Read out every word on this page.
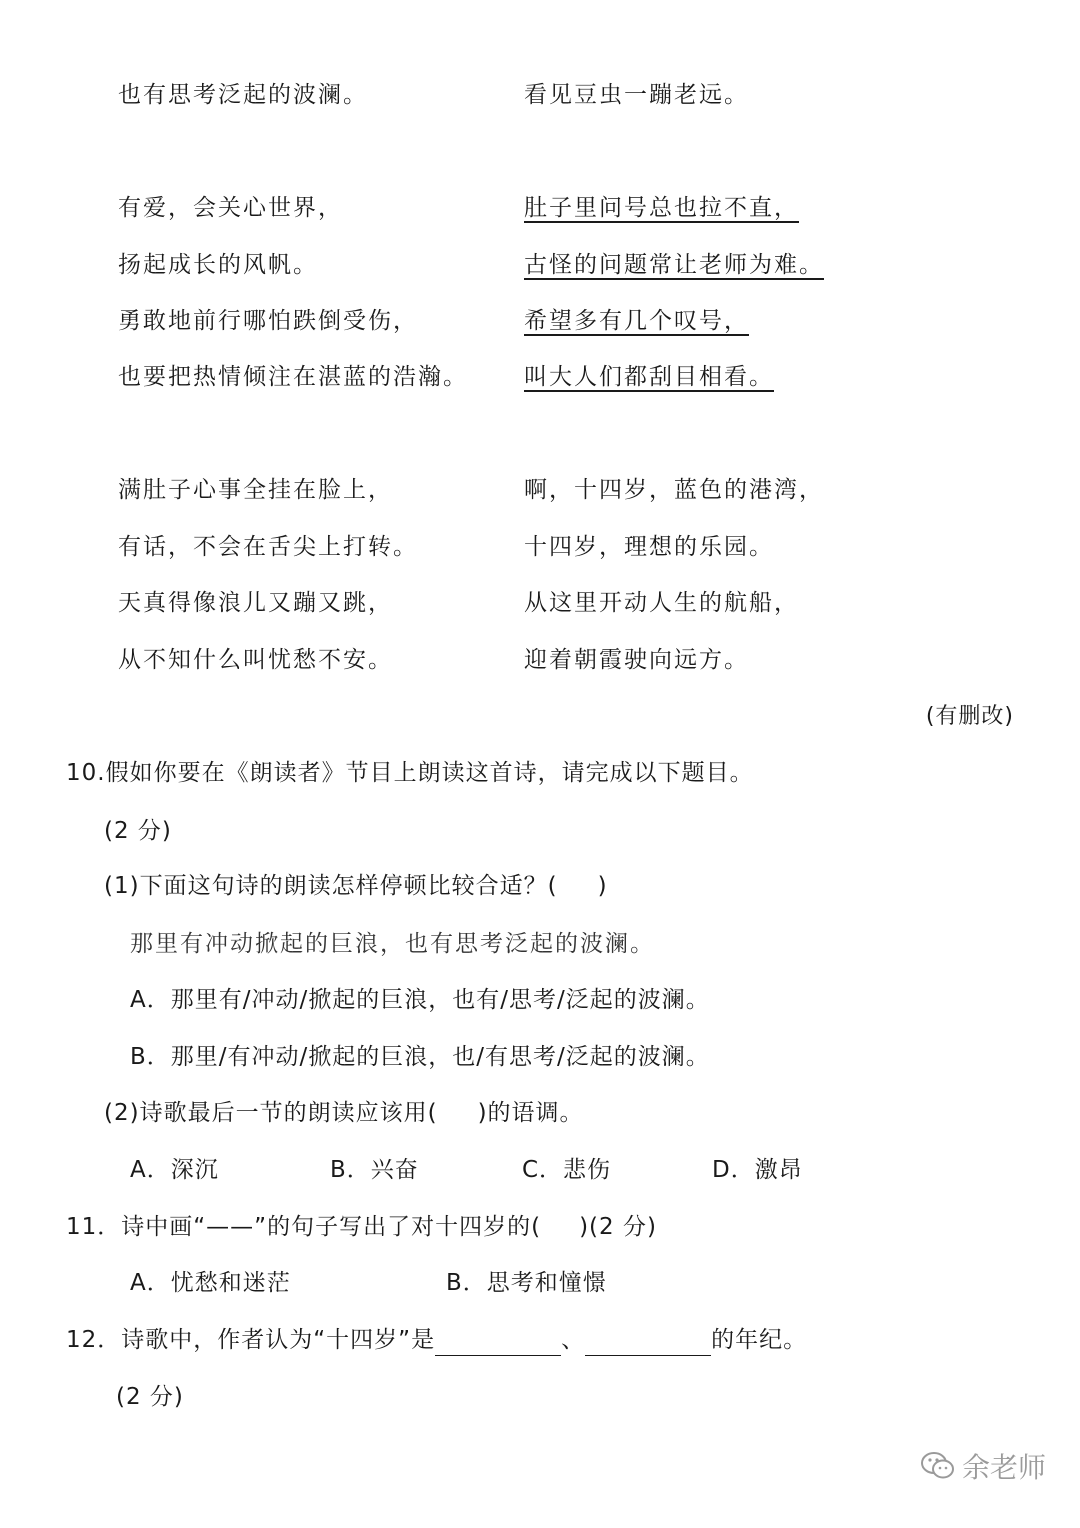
也有思考泛起的波澜。	看见豆虫一蹦老远。
有爱，会关心世界，
扬起成长的风帆。
勇敢地前行哪怕跌倒受伤，
也要把热情倾注在湛蓝的浩瀚。
肚子里问号总也拉不直，
古怪的问题常让老师为难。
希望多有几个叹号，
叫大人们都刮目相看。
满肚子心事全挂在脸上，
有话，不会在舌尖上打转。
天真得像浪儿又蹦又跳，
从不知什么叫忧愁不安。
啊，十四岁，蓝色的港湾，
十四岁，理想的乐园。
从这里开动人生的航船，
迎着朝霞驶向远方。
(有删改)
10.假如你要在《朗读者》节目上朗读这首诗，请完成以下题目。
(2 分)
(1)下面这句诗的朗读怎样停顿比较合适？( )
那里有冲动掀起的巨浪，也有思考泛起的波澜。
A．那里有/冲动/掀起的巨浪，也有/思考/泛起的波澜。
B．那里/有冲动/掀起的巨浪，也/有思考/泛起的波澜。
(2)诗歌最后一节的朗读应该用( )的语调。
A．深沉	B．兴奋	C．悲伤	D．激昂
11．诗中画“——”的句子写出了对十四岁的( )(2 分)
A．忧愁和迷茫	B．思考和憧憬
12．诗歌中，作者认为“十四岁”是	、	的年纪。
(2 分)
余老师
